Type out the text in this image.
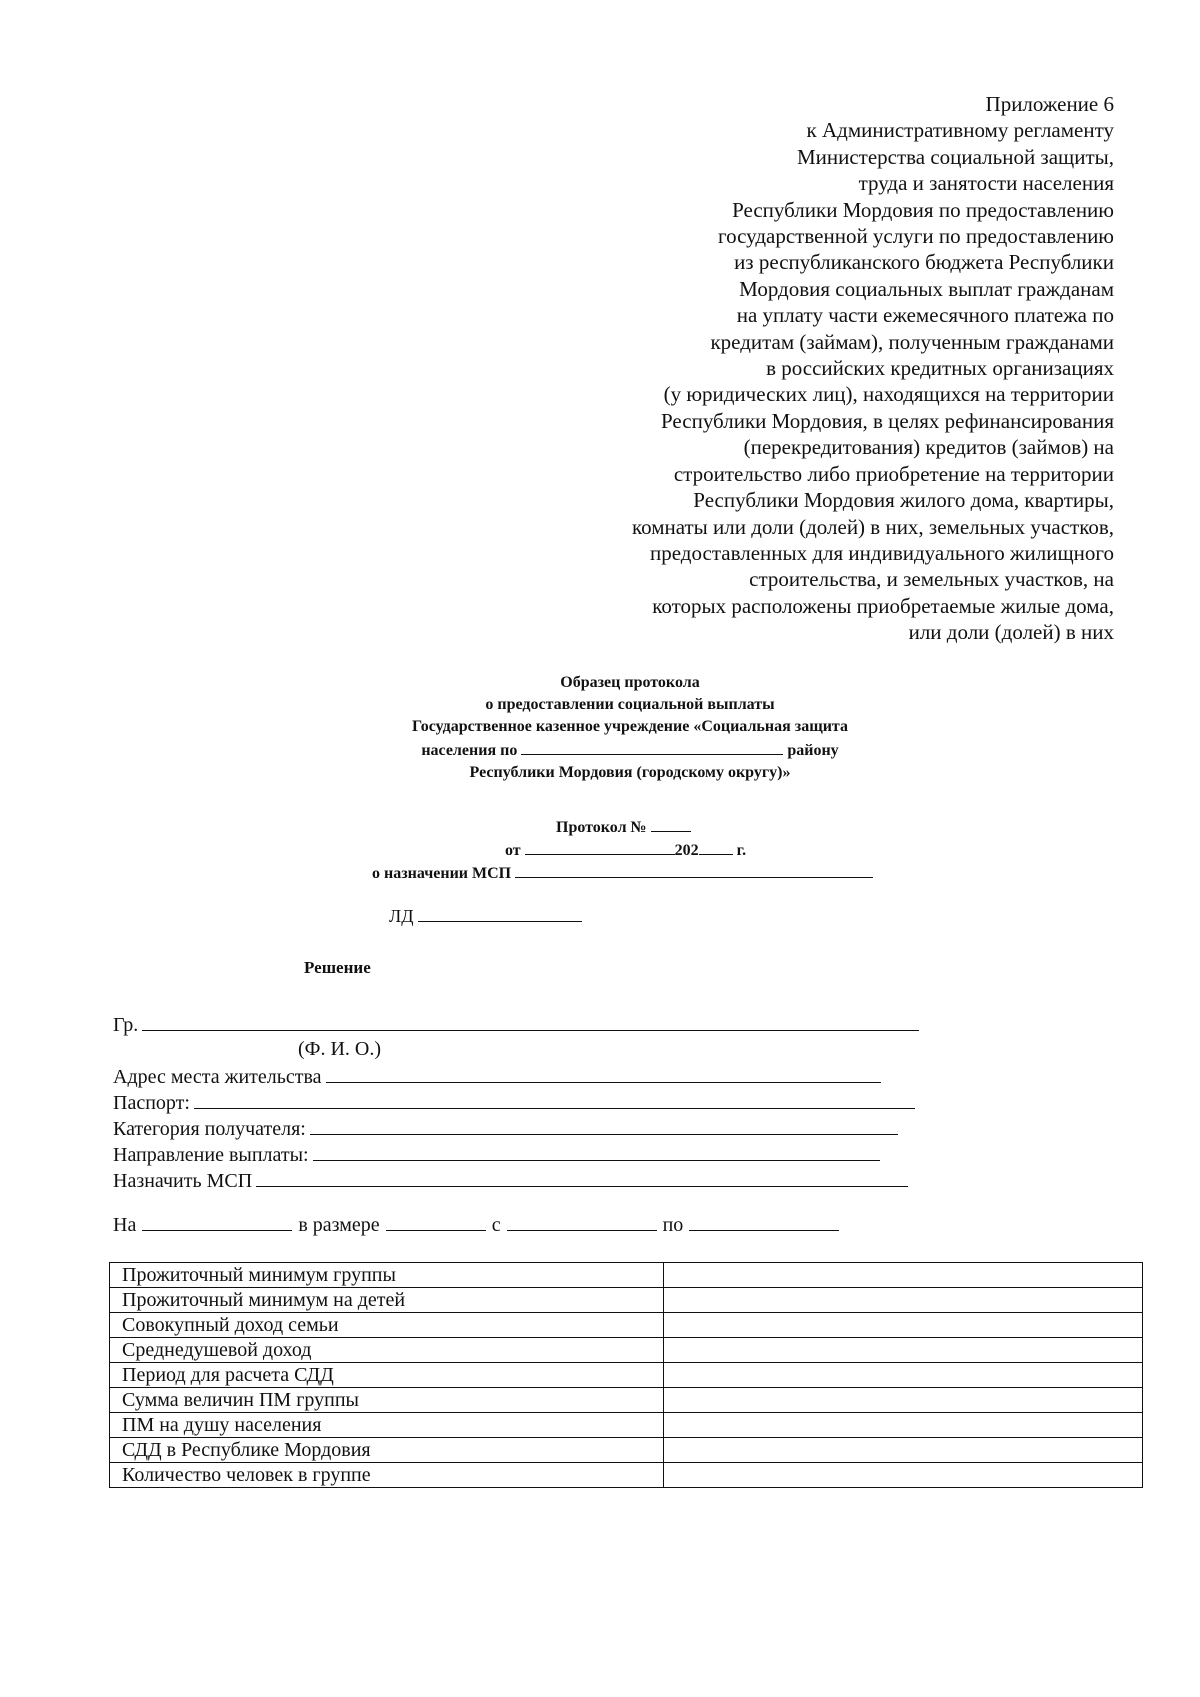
Приложение 6
к Административному регламенту
Министерства социальной защиты,
труда и занятости населения
Республики Мордовия по предоставлению
государственной услуги по предоставлению
из республиканского бюджета Республики
Мордовия социальных выплат гражданам
на уплату части ежемесячного платежа по
кредитам (займам), полученным гражданами
в российских кредитных организациях
(у юридических лиц), находящихся на территории
Республики Мордовия, в целях рефинансирования
(перекредитования) кредитов (займов) на
строительство либо приобретение на территории
Республики Мордовия жилого дома, квартиры,
комнаты или доли (долей) в них, земельных участков,
предоставленных для индивидуального жилищного
строительства, и земельных участков, на
которых расположены приобретаемые жилые дома,
или доли (долей) в них
Образец протокола
о предоставлении социальной выплаты
Государственное казенное учреждение «Социальная защита
населения по	району
Республики Мордовия (городскому округу)»
Протокол №
от	202 г.
о назначении МСП
ЛД
Решение
Гр.
(Ф. И. О.)
Адрес места жительства
Паспорт:
Категория получателя:
Направление выплаты:
Назначить МСП
На	в размере	с	по
Прожиточный минимум группы	
Прожиточный минимум на детей	
Совокупный доход семьи	
Среднедушевой доход	
Период для расчета СДД	
Сумма величин ПМ группы	
ПМ на душу населения	
СДД в Республике Мордовия	
Количество человек в группе	
